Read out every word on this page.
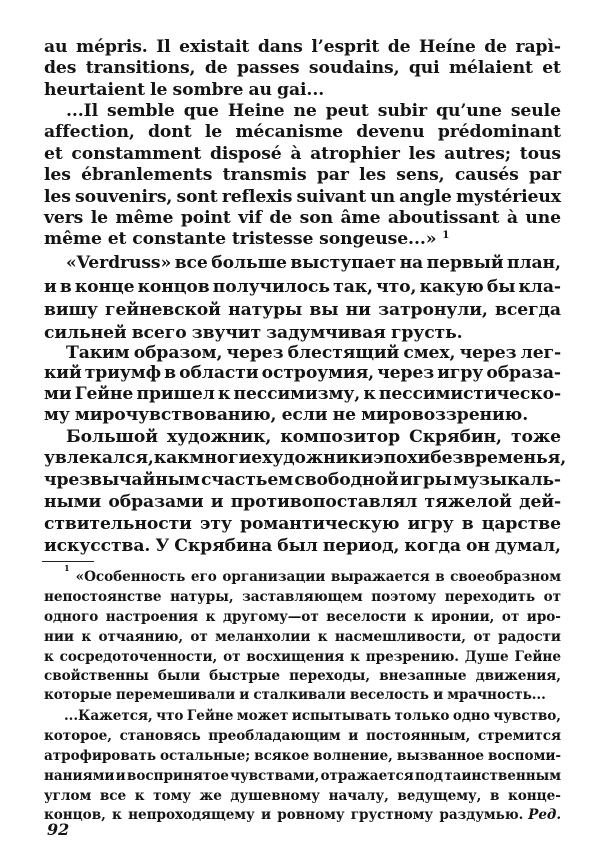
au mépris. Il existait dans l’esprit de Heíne de rapì-
des transitions, de passes soudains, qui mélaient et
heurtaient le sombre au gai...
...Il semble que Heine ne peut subir qu’une seule
affection, dont le mécanisme devenu prédominant
et constamment disposé à atrophier les autres; tous
les ébranlements transmis par les sens, causés par
les souvenirs, sont reflexis suivant un angle mystérieux
vers le même point vif de son âme aboutissant à une
même et constante tristesse songeuse...» $^1$
«Verdruss» все больше выступает на первый план,
и в конце концов получилось так, что, какую бы кла-
вишу гейневской натуры вы ни затронули, всегда
сильней всего звучит задумчивая грусть.
Таким образом, через блестящий смех, через лег-
кий триумф в области остроумия, через игру образа-
ми Гейне пришел к пессимизму, к пессимистическо-
му мирочувствованию, если не мировоззрению.
Большой художник, композитор Скрябин, тоже
увлекался, как многие художники эпохи безвременья,
чрезвычайным счастьем свободной игры музыкаль-
ными образами и противопоставлял тяжелой дей-
ствительности эту романтическую игру в царстве
искусства. У Скрябина был период, когда он думал,
1
«Особенность его организации выражается в своеобразном
непостоянстве натуры, заставляющем поэтому переходить от
одного настроения к другому—от веселости к иронии, от иро-
нии к отчаянию, от меланхолии к насмешливости, от радости
к сосредоточенности, от восхищения к презрению. Душе Гейне
свойственны были быстрые переходы, внезапные движения,
которые перемешивали и сталкивали веселость и мрачность...
...Кажется, что Гейне может испытывать только одно чувство,
которое, становясь преобладающим и постоянным, стремится
атрофировать остальные; всякое волнение, вызванное воспоми-
наниями и воспринятое чувствами, отражается под таинственным
углом все к тому же душевному началу, ведущему, в конце-
концов, к непроходящему и ровному грустному раздумью. Ред.
92
